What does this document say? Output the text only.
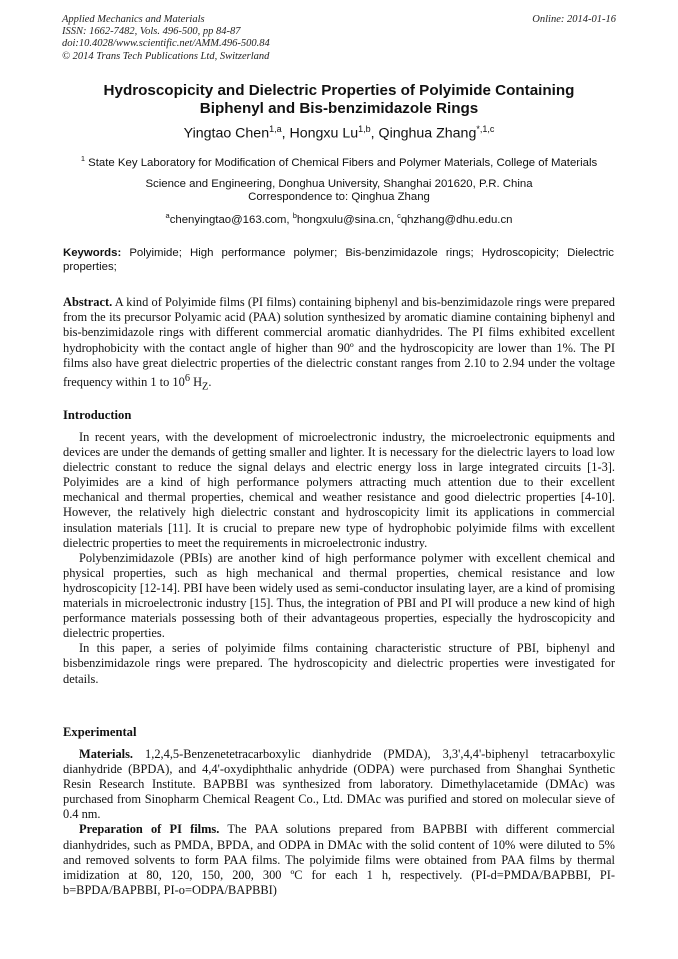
Applied Mechanics and Materials
ISSN: 1662-7482, Vols. 496-500, pp 84-87
doi:10.4028/www.scientific.net/AMM.496-500.84
© 2014 Trans Tech Publications Ltd, Switzerland
Online: 2014-01-16
Hydroscopicity and Dielectric Properties of Polyimide Containing
Biphenyl and Bis-benzimidazole Rings
Yingtao Chen$^{1,a}$, Hongxu Lu$^{1,b}$, Qinghua Zhang$^{*,1,c}$
$^1$ State Key Laboratory for Modification of Chemical Fibers and Polymer Materials, College of Materials Science and Engineering, Donghua University, Shanghai 201620, P.R. China
Correspondence to: Qinghua Zhang
$^a$chenyingtao@163.com, $^b$hongxulu@sina.cn, $^c$qhzhang@dhu.edu.cn
Keywords: Polyimide; High performance polymer; Bis-benzimidazole rings; Hydroscopicity; Dielectric properties;
Abstract. A kind of Polyimide films (PI films) containing biphenyl and bis-benzimidazole rings were prepared from the its precursor Polyamic acid (PAA) solution synthesized by aromatic diamine containing biphenyl and bis-benzimidazole rings with different commercial aromatic dianhydrides. The PI films exhibited excellent hydrophobicity with the contact angle of higher than 90º and the hydroscopicity are lower than 1%. The PI films also have great dielectric properties of the dielectric constant ranges from 2.10 to 2.94 under the voltage frequency within 1 to $10^6$ $H_Z$.
Introduction

In recent years, with the development of microelectronic industry, the microelectronic equipments and devices are under the demands of getting smaller and lighter. It is necessary for the dielectric layers to load low dielectric constant to reduce the signal delays and electric energy loss in large integrated circuits [1-3]. Polyimides are a kind of high performance polymers attracting much attention due to their excellent mechanical and thermal properties, chemical and weather resistance and good dielectric properties [4-10]. However, the relatively high dielectric constant and hydroscopicity limit its applications in commercial insulation materials [11]. It is crucial to prepare new type of hydrophobic polyimide films with excellent dielectric properties to meet the requirements in microelectronic industry.

Polybenzimidazole (PBIs) are another kind of high performance polymer with excellent chemical and physical properties, such as high mechanical and thermal properties, chemical resistance and low hydroscopicity [12-14]. PBI have been widely used as semi-conductor insulating layer, are a kind of promising materials in microelectronic industry [15]. Thus, the integration of PBI and PI will produce a new kind of high performance materials possessing both of their advantageous properties, especially the hydroscopicity and dielectric properties.

In this paper, a series of polyimide films containing characteristic structure of PBI, biphenyl and bisbenzimidazole rings were prepared. The hydroscopicity and dielectric properties were investigated for details.

Experimental

Materials. 1,2,4,5-Benzenetetracarboxylic dianhydride (PMDA), 3,3',4,4'-biphenyl tetracarboxylic dianhydride (BPDA), and 4,4'-oxydiphthalic anhydride (ODPA) were purchased from Shanghai Synthetic Resin Research Institute. BAPBBI was synthesized from laboratory. Dimethylacetamide (DMAc) was purchased from Sinopharm Chemical Reagent Co., Ltd. DMAc was purified and stored on molecular sieve of 0.4 nm.

Preparation of PI films. The PAA solutions prepared from BAPBBI with different commercial dianhydrides, such as PMDA, BPDA, and ODPA in DMAc with the solid content of 10% were diluted to 5% and removed solvents to form PAA films. The polyimide films were obtained from PAA films by thermal imidization at 80, 120, 150, 200, 300 ºC for each 1 h, respectively. (PI-d=PMDA/BAPBBI, PI-b=BPDA/BAPBBI, PI-o=ODPA/BAPBBI)
